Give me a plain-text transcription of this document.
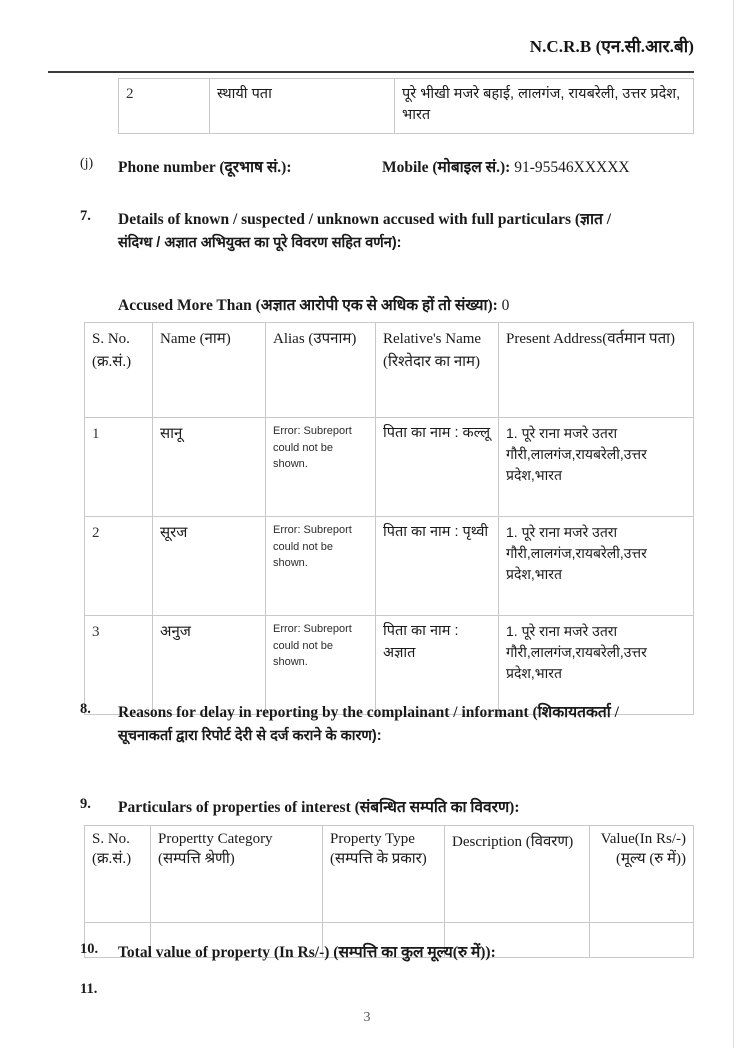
N.C.R.B (एन.सी.आर.बी)
2	स्थायी पता	पूरे भीखी मजरे बहाई, लालगंज, रायबरेली, उत्तर प्रदेश, भारत
(j) Phone number (दूरभाष सं.):	Mobile (मोबाइल सं.): 91-95546XXXXX
7. Details of known / suspected / unknown accused with full particulars (ज्ञात /
संदिग्ध / अज्ञात अभियुक्त का पूरे विवरण सहित वर्णन):
Accused More Than (अज्ञात आरोपी एक से अधिक हों तो संख्या): 0
S. No. (क्र.सं.)	Name (नाम)	Alias (उपनाम)	Relative's Name (रिश्तेदार का नाम)	Present Address(वर्तमान पता)
1	सानू	Error: Subreport could not be shown.	पिता का नाम : कल्लू	1. पूरे राना मजरे उतरा गौरी,लालगंज,रायबरेली,उत्तर प्रदेश,भारत
2	सूरज	Error: Subreport could not be shown.	पिता का नाम : पृथ्वी	1. पूरे राना मजरे उतरा गौरी,लालगंज,रायबरेली,उत्तर प्रदेश,भारत
3	अनुज	Error: Subreport could not be shown.	पिता का नाम : अज्ञात	1. पूरे राना मजरे उतरा गौरी,लालगंज,रायबरेली,उत्तर प्रदेश,भारत
8. Reasons for delay in reporting by the complainant / informant (शिकायतकर्ता /
सूचनाकर्ता द्वारा रिपोर्ट देरी से दर्ज कराने के कारण):
9. Particulars of properties of interest (संबन्धित सम्पति का विवरण):
S. No. (क्र.सं.)	Propertty Category (सम्पत्ति श्रेणी)	Property Type (सम्पत्ति के प्रकार)	Description (विवरण)	Value(In Rs/-) (मूल्य (रु में))

10. Total value of property (In Rs/-) (सम्पत्ति का कुल मूल्य(रु में)):
11.
3
